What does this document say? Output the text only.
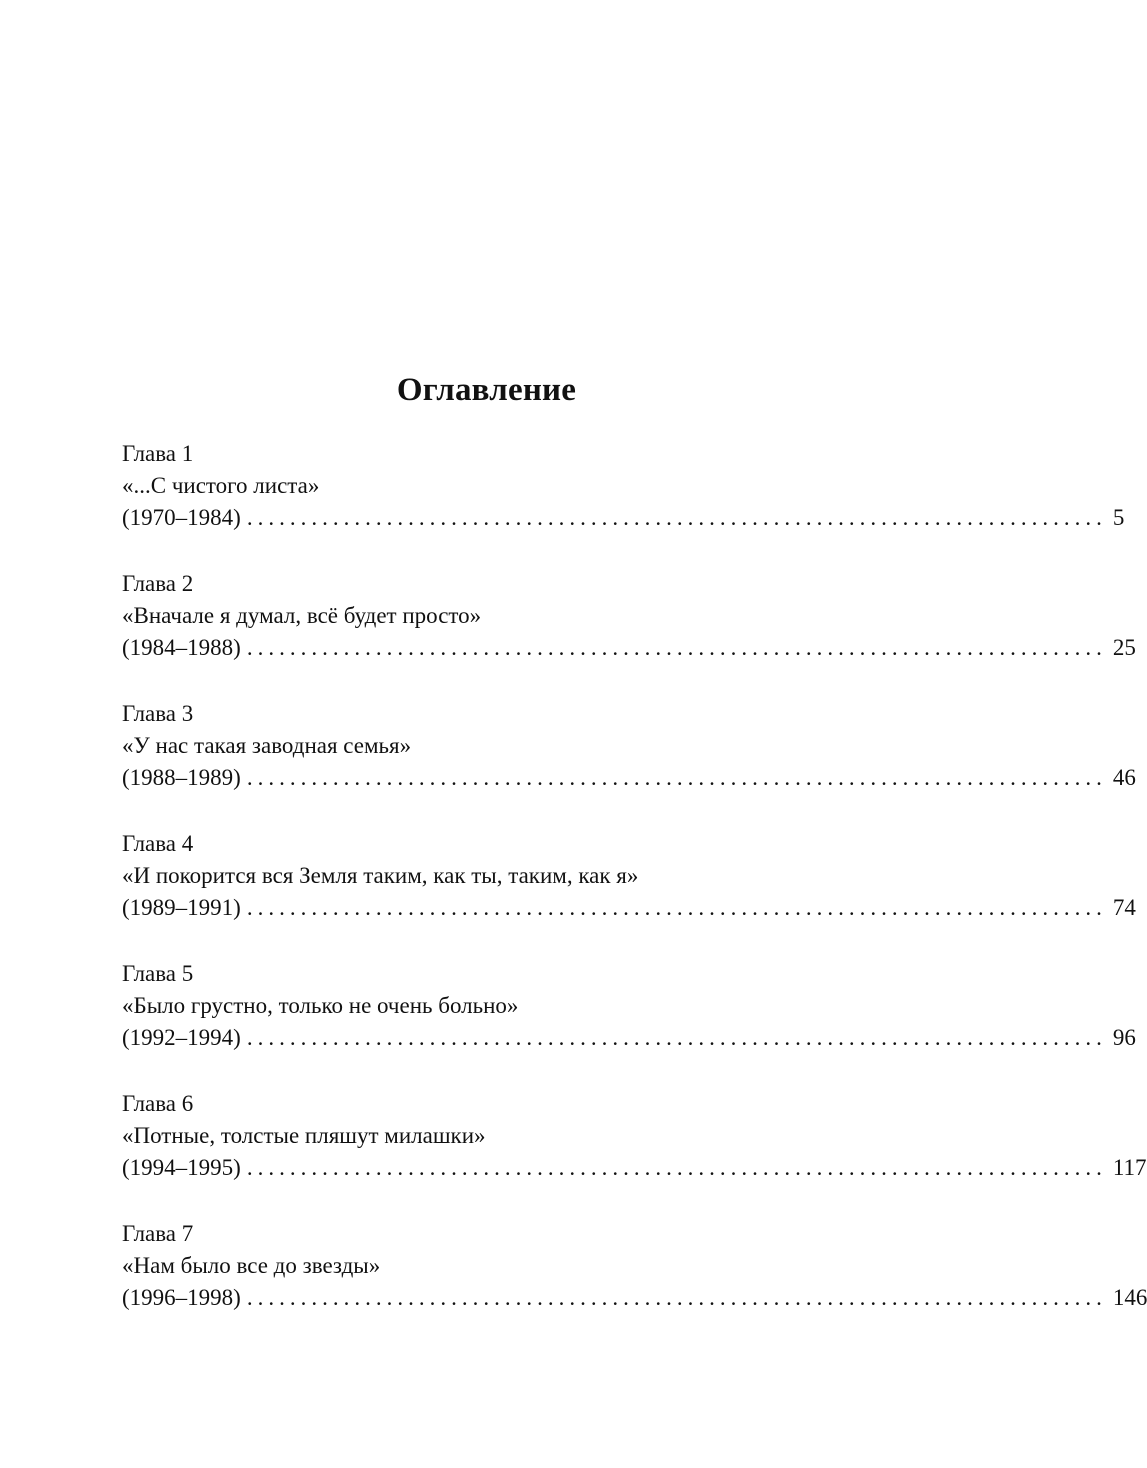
Оглавление
Глава 1
«...С чистого листа»
(1970–1984) ................................................................................ 5
Глава 2
«Вначале я думал, всё будет просто»
(1984–1988) ................................................................................ 25
Глава 3
«У нас такая заводная семья»
(1988–1989) ................................................................................ 46
Глава 4
«И покорится вся Земля таким, как ты, таким, как я»
(1989–1991) ................................................................................ 74
Глава 5
«Было грустно, только не очень больно»
(1992–1994) ................................................................................ 96
Глава 6
«Потные, толстые пляшут милашки»
(1994–1995) ................................................................................ 117
Глава 7
«Нам было все до звезды»
(1996–1998) ................................................................................ 146
